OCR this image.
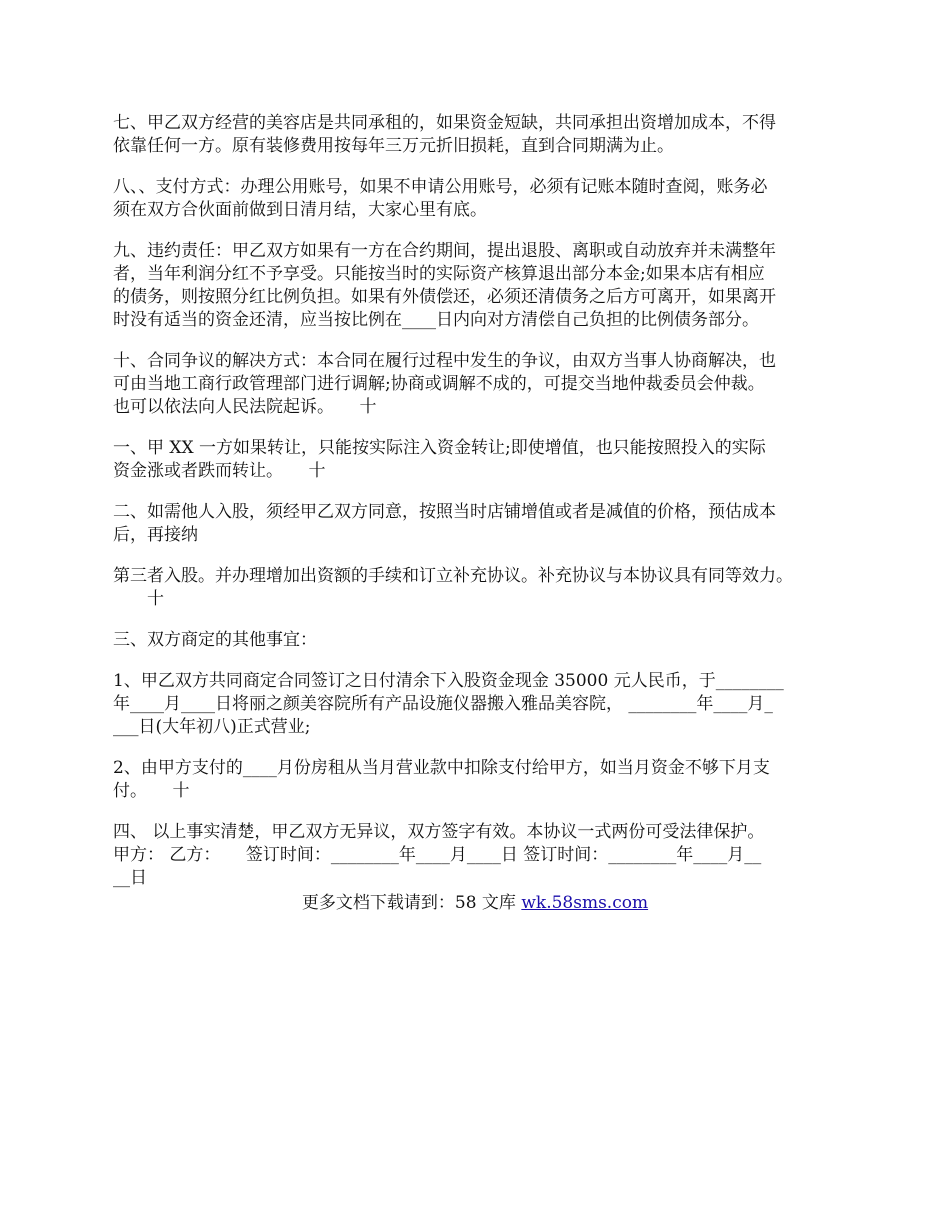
七、甲乙双方经营的美容店是共同承租的，如果资金短缺，共同承担出资增加成本，不得
依靠任何一方。原有装修费用按每年三万元折旧损耗，直到合同期满为止。
八、、支付方式：办理公用账号，如果不申请公用账号，必须有记账本随时查阅，账务必
须在双方合伙面前做到日清月结，大家心里有底。
九、违约责任：甲乙双方如果有一方在合约期间，提出退股、离职或自动放弃并未满整年
者，当年利润分红不予享受。只能按当时的实际资产核算退出部分本金;如果本店有相应
的债务，则按照分红比例负担。如果有外债偿还，必须还清债务之后方可离开，如果离开
时没有适当的资金还清，应当按比例在____日内向对方清偿自己负担的比例债务部分。
十、合同争议的解决方式：本合同在履行过程中发生的争议，由双方当事人协商解决，也
可由当地工商行政管理部门进行调解;协商或调解不成的，可提交当地仲裁委员会仲裁。
也可以依法向人民法院起诉。　　十
一、甲 XX 一方如果转让，只能按实际注入资金转让;即使增值，也只能按照投入的实际
资金涨或者跌而转让。　　十
二、如需他人入股，须经甲乙双方同意，按照当时店铺增值或者是减值的价格，预估成本
后，再接纳
第三者入股。并办理增加出资额的手续和订立补充协议。补充协议与本协议具有同等效力。
　　十
三、双方商定的其他事宜：
1、甲乙双方共同商定合同签订之日付清余下入股资金现金 35000 元人民币，于________
年____月____日将丽之颜美容院所有产品设施仪器搬入雅品美容院， ________年____月_
___日(大年初八)正式营业;
2、由甲方支付的____月份房租从当月营业款中扣除支付给甲方，如当月资金不够下月支
付。　　十
四、 以上事实清楚，甲乙双方无异议，双方签字有效。本协议一式两份可受法律保护。
甲方： 乙方：　　签订时间：________年____月____日 签订时间：________年____月__
__日
更多文档下载请到：58 文库 wk.58sms.com
